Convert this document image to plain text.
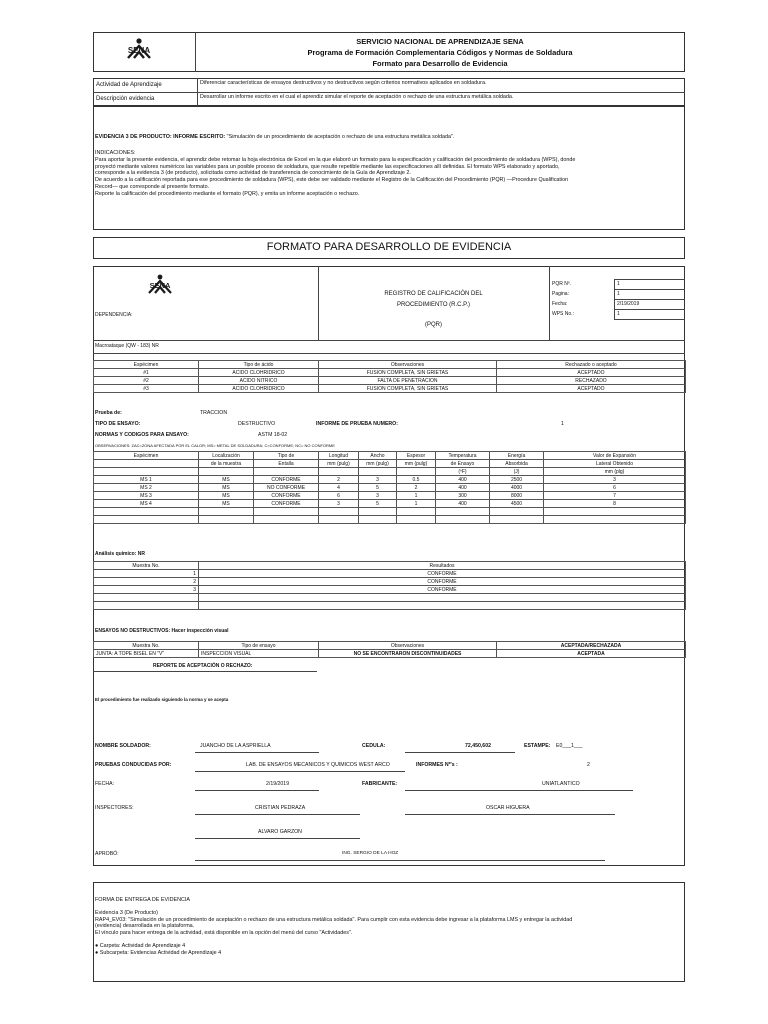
SENA
SERVICIO NACIONAL DE APRENDIZAJE SENA
Programa de Formación Complementaria Códigos y Normas de Soldadura
Formato para Desarrollo de Evidencia
Actividad de Aprendizaje	Diferenciar características de ensayos destructivos y no destructivos según criterios normativos aplicados en soldadura.
Descripción evidencia	Desarrollar un informe escrito en el cual el aprendiz simular el reporte de aceptación o rechazo de una estructura metálica soldada.
EVIDENCIA 3 DE PRODUCTO: INFORME ESCRITO: "Simulación de un procedimiento de aceptación o rechazo de una estructura metálica soldada".
INDICACIONES:
Para aportar la presente evidencia, el aprendiz debe retomar la hoja electrónica de Excel en la que elaboró un formato para la especificación y calificación del procedimiento de soldadura (WPS), donde
proyectó mediante valores numéricos las variables para un posible proceso de soldadura, que resulte repetible mediante las especificaciones allí definidas. El formato WPS elaborado y aportado,
corresponde a la evidencia 3 (de producto), solicitada como actividad de transferencia de conocimiento de la Guía de Aprendizaje 2.
De acuerdo a la calificación reportada para ese procedimiento de soldadura (WPS), este debe ser validado mediante el Registro de la Calificación del Procedimiento (PQR) —Procedure Qualification
Record— que corresponde al presente formato.
Reporte la calificación del procedimiento mediante el formato (PQR), y emita un informe aceptación o rechazo.
FORMATO PARA DESARROLLO DE EVIDENCIA
SENA
DEPENDENCIA:
REGISTRO DE CALIFICACIÓN DEL
PROCEDIMIENTO (R.C.P.)
(PQR)
PQR Nº.	1
Pagina:	1
Fecha:	2/19/2019
WPS No.:	1
Macroataque (QW - 183) NR
Espécimen	Tipo de ácido	Observaciones	Rechazado o aceptado
#1	ACIDO CLOHRIDRICO	FUSION COMPLETA, SIN GRIETAS	ACEPTADO
#2	ACIDO NITRICO	FALTA DE PENETRACION	RECHAZADO
#3	ACIDO CLOHRIDRICO	FUSION COMPLETA, SIN GRIETAS	ACEPTADO
Prueba de:	TRACCION
TIPO DE ENSAYO:	DESTRUCTIVO	INFORME DE PRUEBA NUMERO:	1
NORMAS Y CODIGOS PARA ENSAYO:	ASTM 18-02
OBSERVACIONES: ZAC=ZONA AFECTADA POR EL CALOR; MS= METAL DE SOLDADURA; C=CONFORME; NC= NO CONFORME
Espécimen	Localización	Tipo de	Longitud	Ancho	Espesor	Temperatura	Energía	Valor de Expansión
	de la muestra	Entalla	mm (pulg)	mm (pulg)	mm (pulg)	de Ensayo	Absorbida	Lateral Obtenido
						(ºF)	(J)	mm (plg)
MS 1	MS	CONFORME	2	3	0.5	400	2500	3
MS 2	MS	NO CONFORME	4	5	2	400	4000	6
MS 3	MS	CONFORME	6	3	1	300	8000	7
MS 4	MS	CONFORME	3	5	1	400	4500	8

Análisis químico: NR
Muestra No.	Resultados
1	CONFORME
2	CONFORME
3	CONFORME

ENSAYOS NO DESTRUCTIVOS: Hacer inspección visual
Muestra No.	Tipo de ensayo	Observaciones	ACEPTADA/RECHAZADA
JUNTA: A TOPE BISEL EN "V"	INSPECCION VISUAL	NO SE ENCONTRARON DISCONTINUIDADES	ACEPTADA
REPORTE DE ACEPTACIÓN O RECHAZO:
El procedimiento fue realizado siguiendo la norma y se acepta
NOMBRE SOLDADOR:	JUANCHO DE LA ASPRIELLA	CEDULA:	72,450,602	ESTAMPE: E0___1___
PRUEBAS CONDUCIDAS POR:	LAB. DE ENSAYOS MECANICOS Y QUIMICOS WEST ARCO	INFORMES Nº's :	2
FECHA:	2/19/2019	FABRICANTE:	UNIATLANTICO
INSPECTORES:	CRISTIAN PEDRAZA	OSCAR HIGUERA
ALVARO GARZON
APROBÓ:	ING. SERGIO DE LA HOZ
FORMA DE ENTREGA DE EVIDENCIA
Evidencia 3 (De Producto)
RAP4_EV03: "Simulación de un procedimiento de aceptación o rechazo de una estructura metálica soldada". Para cumplir con esta evidencia debe ingresar a la plataforma LMS y entregar la actividad
(evidencia) desarrollada en la plataforma.
El vínculo para hacer entrega de la actividad, está disponible en la opción del menú del curso "Actividades".
● Carpeta: Actividad de Aprendizaje 4
● Subcarpeta: Evidencias Actividad de Aprendizaje 4
